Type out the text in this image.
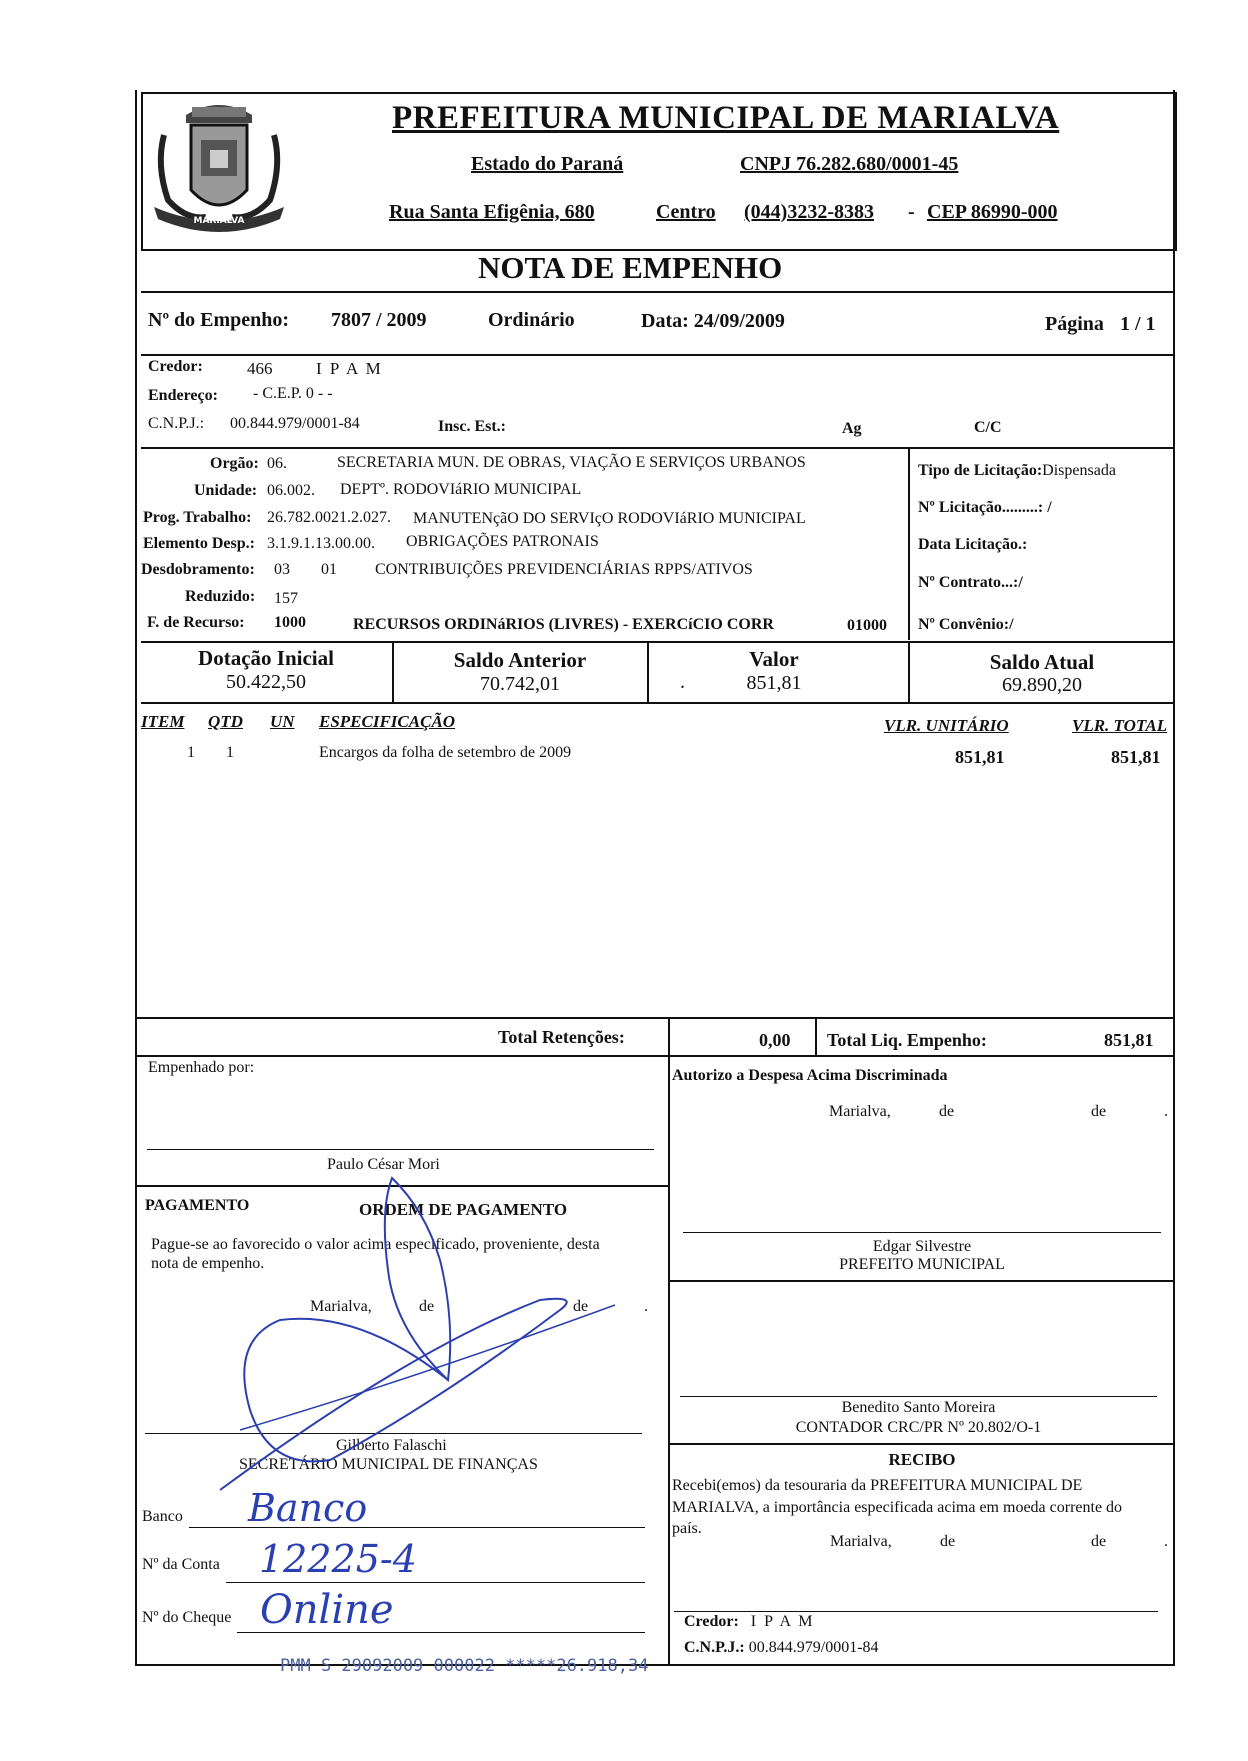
MARIALVA
PREFEITURA MUNICIPAL DE MARIALVA
Estado do Paraná	CNPJ 76.282.680/0001-45
Rua Santa Efigênia, 680	Centro (044)3232-8383 - CEP 86990-000
NOTA DE EMPENHO
Nº do Empenho: 7807 / 2009	Ordinário	Data: 24/09/2009	Página 1 / 1
Credor:	466	I P A M
Endereço: - C.E.P. 0 - -
C.N.P.J.: 00.844.979/0001-84	Insc. Est.:	Ag	C/C
Orgão: 06.	SECRETARIA MUN. DE OBRAS, VIAÇÃO E SERVIÇOS URBANOS
Unidade: 06.002. DEPTº. RODOVIáRIO MUNICIPAL
Prog. Trabalho: 26.782.0021.2.027. MANUTENçãO DO SERVIçO RODOVIáRIO MUNICIPAL
Elemento Desp.: 3.1.9.1.13.00.00. OBRIGAÇÕES PATRONAIS
Desdobramento: 03 01 CONTRIBUIÇÕES PREVIDENCIÁRIAS RPPS/ATIVOS
Reduzido: 157
F. de Recurso: 1000	RECURSOS ORDINáRIOS (LIVRES) - EXERCíCIO CORR	01000
Tipo de Licitação:Dispensada
Nº Licitação.........: /
Data Licitação.:
Nº Contrato...:/
Nº Convênio:/
Dotação Inicial
50.422,50
Saldo Anterior
70.742,01
Valor
.	851,81
Saldo Atual
69.890,20
ITEM QTD UN ESPECIFICAÇÃO	VLR. UNITÁRIO	VLR. TOTAL
1 1	Encargos da folha de setembro de 2009	851,81	851,81
Total Retenções:	0,00 Total Liq. Empenho:	851,81
Empenhado por:
Paulo César Mori
Autorizo a Despesa Acima Discriminada
Marialva,	de	de	.
Edgar Silvestre
PREFEITO MUNICIPAL
PAGAMENTO	ORDEM DE PAGAMENTO
Pague-se ao favorecido o valor acima especificado, proveniente, desta
nota de empenho.
Marialva,	de	de	.
Gilberto Falaschi
SECRETÁRIO MUNICIPAL DE FINANÇAS
Banco Banco
Nº da Conta 12225-4
Nº do Cheque Online
Benedito Santo Moreira
CONTADOR CRC/PR Nº 20.802/O-1
RECIBO
Recebi(emos) da tesouraria da PREFEITURA MUNICIPAL DE
MARIALVA, a importância especificada acima em moeda corrente do
país.
Marialva,	de	de	.
Credor: I P A M
C.N.P.J.: 00.844.979/0001-84
PMM S 29092009 000022 *****26.918,34
